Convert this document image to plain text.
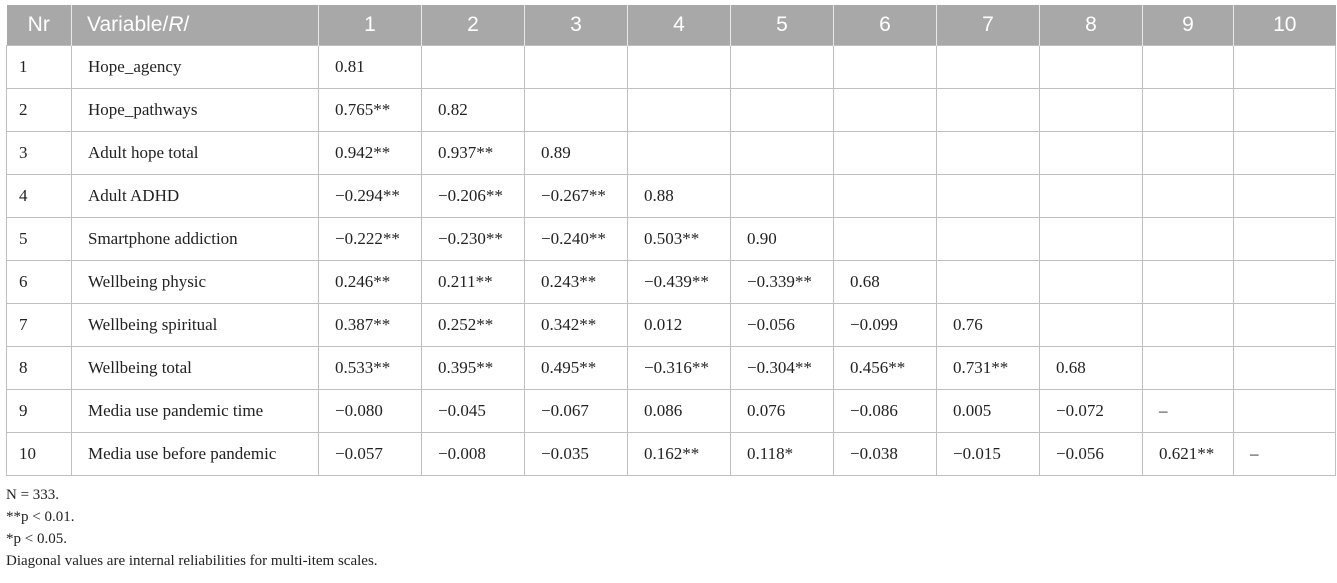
Nr	Variable/R/	1	2	3	4	5	6	7	8	9	10
1	Hope_agency	0.81									
2	Hope_pathways	0.765**	0.82								
3	Adult hope total	0.942**	0.937**	0.89							
4	Adult ADHD	−0.294**	−0.206**	−0.267**	0.88						
5	Smartphone addiction	−0.222**	−0.230**	−0.240**	0.503**	0.90					
6	Wellbeing physic	0.246**	0.211**	0.243**	−0.439**	−0.339**	0.68				
7	Wellbeing spiritual	0.387**	0.252**	0.342**	0.012	−0.056	−0.099	0.76			
8	Wellbeing total	0.533**	0.395**	0.495**	−0.316**	−0.304**	0.456**	0.731**	0.68		
9	Media use pandemic time	−0.080	−0.045	−0.067	0.086	0.076	−0.086	0.005	−0.072	–	
10	Media use before pandemic	−0.057	−0.008	−0.035	0.162**	0.118*	−0.038	−0.015	−0.056	0.621**	–
N = 333.
**p < 0.01.
*p < 0.05.
Diagonal values are internal reliabilities for multi-item scales.
